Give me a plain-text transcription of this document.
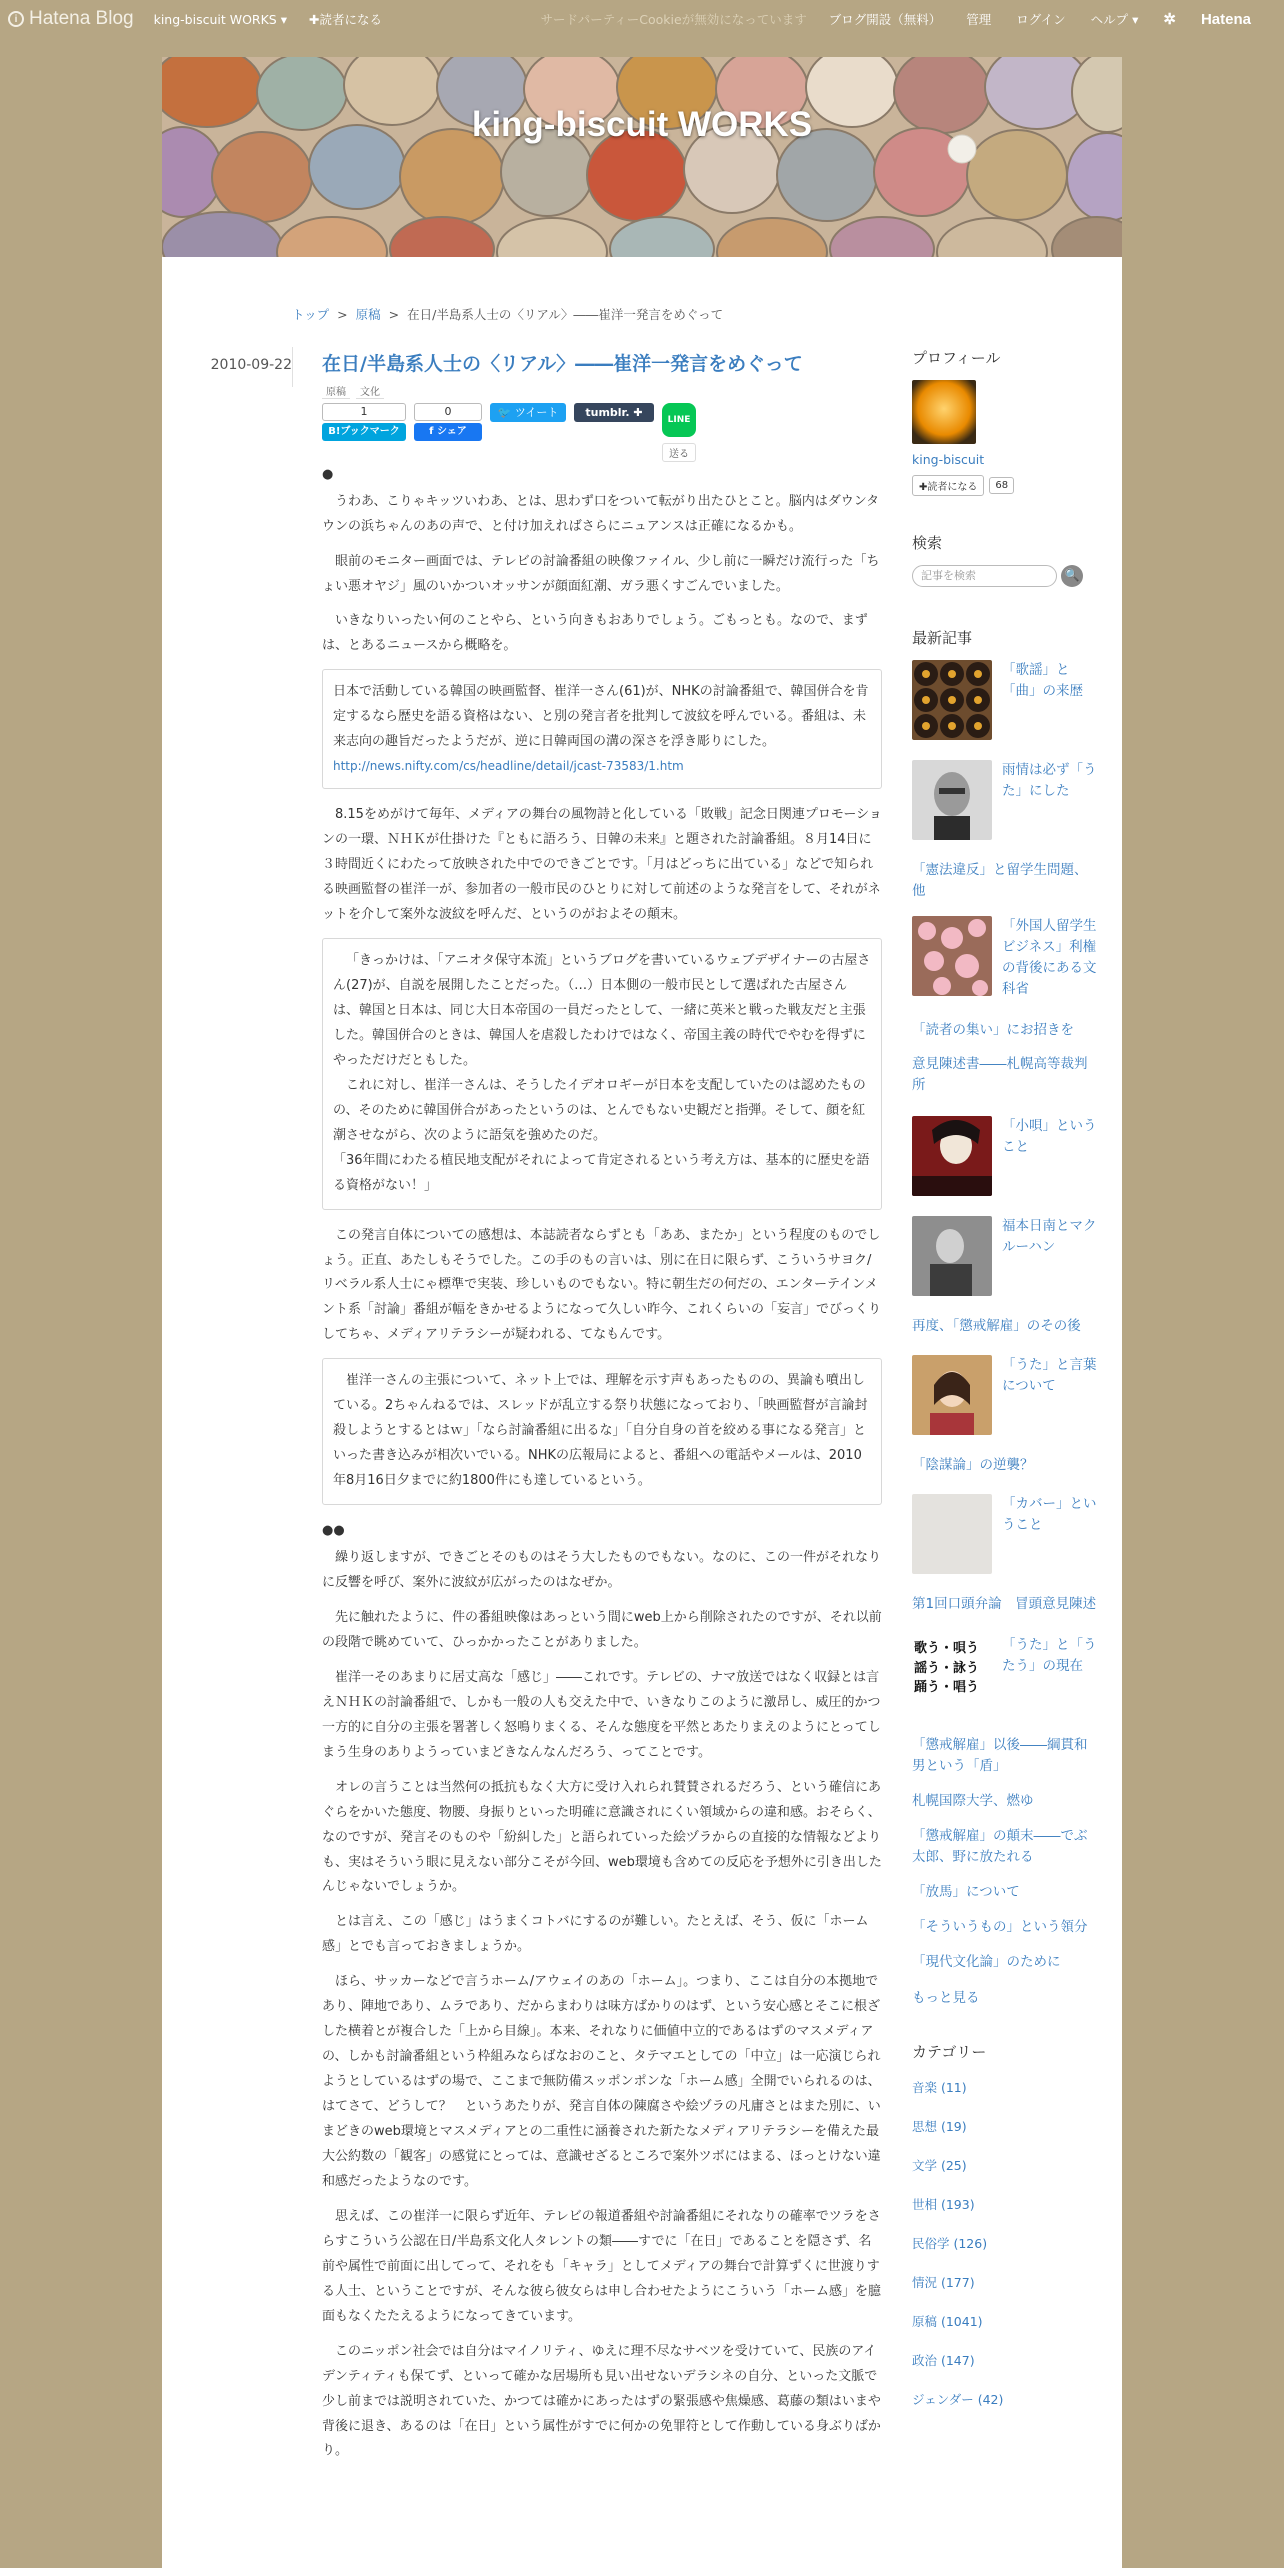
i Hatena Blog king-biscuit WORKS ▾ ✚読者になる	サードパーティーCookieが無効になっています ブログ開設（無料） 管理 ログイン ヘルプ ▾ ✲ Hatena
king-biscuit WORKS
トップ > 原稿 > 在日/半島系人士の〈リアル〉――崔洋一発言をめぐって
2010-09-22 在日/半島系人士の〈リアル〉――崔洋一発言をめぐって
原稿	文化
1
B!ブックマーク
0
f シェア
🐦 ツイート	tumblr. ✚
LINE
送る
●

うわあ、こりゃキッツいわあ、とは、思わず口をついて転がり出たひとこと。脳内はダウンタウンの浜ちゃんのあの声で、と付け加えればさらにニュアンスは正確になるかも。

眼前のモニター画面では、テレビの討論番組の映像ファイル、少し前に一瞬だけ流行った「ちょい悪オヤジ」風のいかついオッサンが顔面紅潮、ガラ悪くすごんでいました。

いきなりいったい何のことやら、という向きもおありでしょう。ごもっとも。なので、まずは、とあるニュースから概略を。

日本で活動している韓国の映画監督、崔洋一さん(61)が、NHKの討論番組で、韓国併合を肯定するなら歴史を語る資格はない、と別の発言者を批判して波紋を呼んでいる。番組は、未来志向の趣旨だったようだが、逆に日韓両国の溝の深さを浮き彫りにした。

http://news.nifty.com/cs/headline/detail/jcast-73583/1.htm

8.15をめがけて毎年、メディアの舞台の風物詩と化している「敗戦」記念日関連プロモーションの一環、ＮＨＫが仕掛けた『ともに語ろう、日韓の未来』と題された討論番組。８月14日に３時間近くにわたって放映された中でのできごとです。「月はどっちに出ている」などで知られる映画監督の崔洋一が、参加者の一般市民のひとりに対して前述のような発言をして、それがネットを介して案外な波紋を呼んだ、というのがおよその顛末。

「きっかけは、「アニオタ保守本流」というブログを書いているウェブデザイナーの古屋さん(27)が、自説を展開したことだった。（…）日本側の一般市民として選ばれた古屋さんは、韓国と日本は、同じ大日本帝国の一員だったとして、一緒に英米と戦った戦友だと主張した。韓国併合のときは、韓国人を虐殺したわけではなく、帝国主義の時代でやむを得ずにやっただけだともした。

これに対し、崔洋一さんは、そうしたイデオロギーが日本を支配していたのは認めたものの、そのために韓国併合があったというのは、とんでもない史観だと指弾。そして、顔を紅潮させながら、次のように語気を強めたのだ。

「36年間にわたる植民地支配がそれによって肯定されるという考え方は、基本的に歴史を語る資格がない！」

この発言自体についての感想は、本誌読者ならずとも「ああ、またか」という程度のものでしょう。正直、あたしもそうでした。この手のもの言いは、別に在日に限らず、こういうサヨク/リベラル系人士にゃ標準で実装、珍しいものでもない。特に朝生だの何だの、エンターテインメント系「討論」番組が幅をきかせるようになって久しい昨今、これくらいの「妄言」でびっくりしてちゃ、メディアリテラシーが疑われる、てなもんです。

崔洋一さんの主張について、ネット上では、理解を示す声もあったものの、異論も噴出している。2ちゃんねるでは、スレッドが乱立する祭り状態になっており、「映画監督が言論封殺しようとするとはｗ」「なら討論番組に出るな」「自分自身の首を絞める事になる発言」といった書き込みが相次いでいる。NHKの広報局によると、番組への電話やメールは、2010年8月16日夕までに約1800件にも達しているという。

●●

繰り返しますが、できごとそのものはそう大したものでもない。なのに、この一件がそれなりに反響を呼び、案外に波紋が広がったのはなぜか。

先に触れたように、件の番組映像はあっという間にweb上から削除されたのですが、それ以前の段階で眺めていて、ひっかかったことがありました。

崔洋一そのあまりに居丈高な「感じ」――これです。テレビの、ナマ放送ではなく収録とは言えＮＨＫの討論番組で、しかも一般の人も交えた中で、いきなりこのように激昂し、威圧的かつ一方的に自分の主張を署著しく怒鳴りまくる、そんな態度を平然とあたりまえのようにとってしまう生身のありようっていまどきなんなんだろう、ってことです。

オレの言うことは当然何の抵抗もなく大方に受け入れられ賛賛されるだろう、という確信にあぐらをかいた態度、物腰、身振りといった明確に意識されにくい領域からの違和感。おそらく、なのですが、発言そのものや「紛糾した」と語られていった絵ヅラからの直接的な情報などよりも、実はそういう眼に見えない部分こそが今回、web環境も含めての反応を予想外に引き出したんじゃないでしょうか。

とは言え、この「感じ」はうまくコトバにするのが難しい。たとえば、そう、仮に「ホーム感」とでも言っておきましょうか。

ほら、サッカーなどで言うホーム/アウェイのあの「ホーム」。つまり、ここは自分の本拠地であり、陣地であり、ムラであり、だからまわりは味方ばかりのはず、という安心感とそこに根ざした横着とが複合した「上から目線」。本来、それなりに価値中立的であるはずのマスメディアの、しかも討論番組という枠組みならばなおのこと、タテマエとしての「中立」は一応演じられようとしているはずの場で、ここまで無防備スッポンポンな「ホーム感」全開でいられるのは、はてさて、どうして？　というあたりが、発言自体の陳腐さや絵ヅラの凡庸さとはまた別に、いまどきのweb環境とマスメディアとの二重性に涵養された新たなメディアリテラシーを備えた最大公約数の「観客」の感覚にとっては、意識せざるところで案外ツボにはまる、ほっとけない違和感だったようなのです。

思えば、この崔洋一に限らず近年、テレビの報道番組や討論番組にそれなりの確率でツラをさらすこういう公認在日/半島系文化人タレントの類――すでに「在日」であることを隠さず、名前や属性で前面に出してって、それをも「キャラ」としてメディアの舞台で計算ずくに世渡りする人士、ということですが、そんな彼ら彼女らは申し合わせたようにこういう「ホーム感」を臆面もなくたたえるようになってきています。

このニッポン社会では自分はマイノリティ、ゆえに理不尽なサベツを受けていて、民族のアイデンティティも保てず、といって確かな居場所も見い出せないデラシネの自分、といった文脈で少し前までは説明されていた、かつては確かにあったはずの緊張感や焦燥感、葛藤の類はいまや背後に退き、あるのは「在日」という属性がすでに何かの免罪符として作動している身ぶりばかり。

プロフィール
king-biscuit
✚読者になる	68
検索
記事を検索	🔍
最新記事
「歌謡」と「曲」の来歴
雨情は必ず「うた」にした
「憲法違反」と留学生問題、他
「外国人留学生ビジネス」利権の背後にある文科省
「読者の集い」にお招きを
意見陳述書――札幌高等裁判所
「小唄」ということ
福本日南とマクルーハン
再度、「懲戒解雇」のその後
「うた」と言葉について
「陰謀論」の逆襲？
「カバー」ということ
第1回口頭弁論　冒頭意見陳述
歌う・唄う
謡う・詠う
踊う・唱う
「うた」と「うたう」の現在
「懲戒解雇」以後――綱貫和男という「盾」
札幌国際大学、燃ゆ
「懲戒解雇」の顛末――でぶ太郎、野に放たれる
「放馬」について
「そういうもの」という領分
「現代文化論」のために
もっと見る
カテゴリー
音楽 (11)
思想 (19)
文学 (25)
世相 (193)
民俗学 (126)
情況 (177)
原稿 (1041)
政治 (147)
ジェンダー (42)
